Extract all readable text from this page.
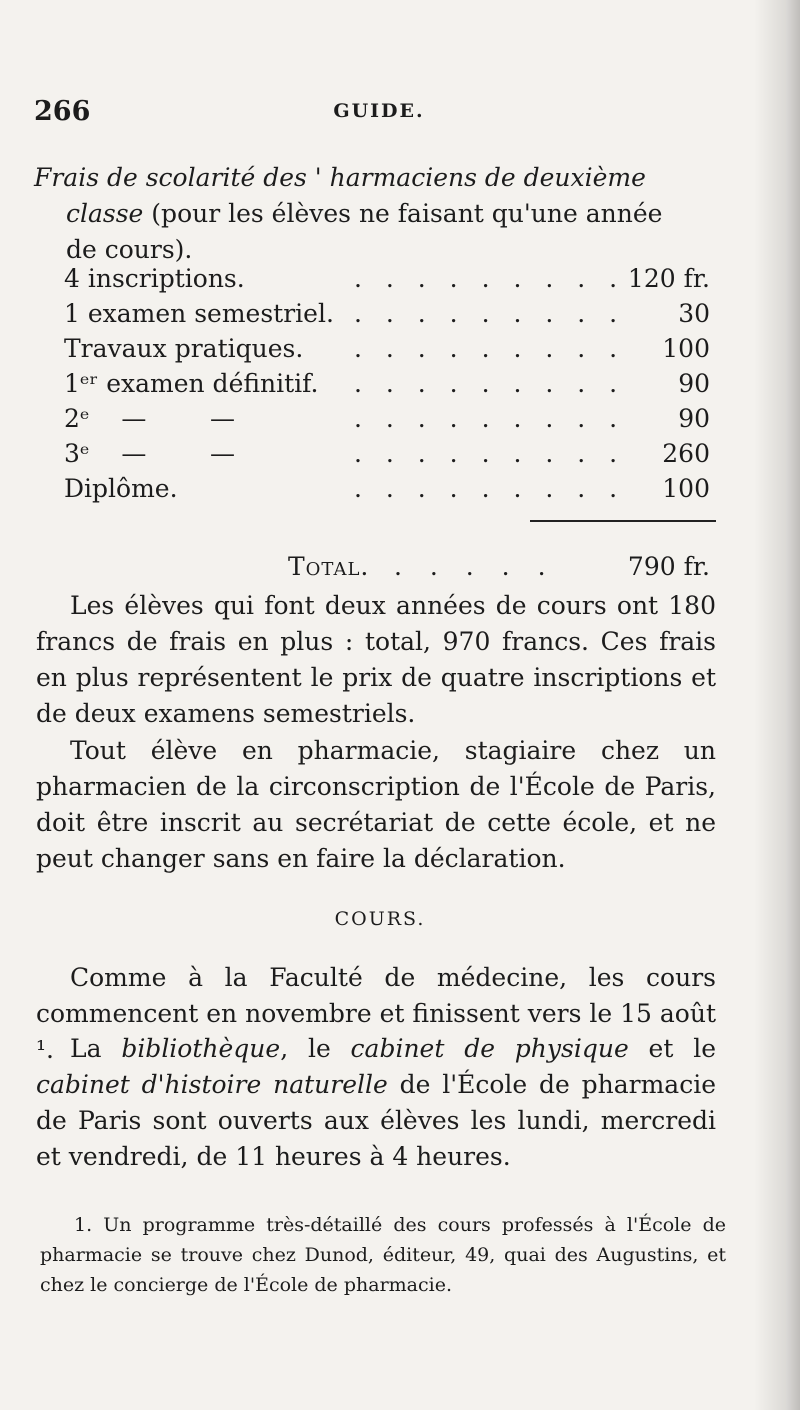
266	GUIDE.
Frais de scolarité des ' harmaciens de deuxième
classe (pour les élèves ne faisant qu'une année
de cours).
4 inscriptions.	. . . . . . . . . 120 fr.
1 examen semestriel. . . . . . . . . .	30
Travaux pratiques. . . . . . . . . .	100
1ᵉʳ examen définitif. . . . . . . . . .	90
2ᵉ    —        —	. . . . . . . . .	90
3ᵉ    —        —	. . . . . . . . .	260
Diplôme.	. . . . . . . . .	100
Total. . . . . .	790 fr.
Les élèves qui font deux années de cours ont 180 francs de frais en plus : total, 970 francs. Ces frais en plus représentent le prix de quatre inscriptions et de deux examens semestriels.
Tout élève en pharmacie, stagiaire chez un pharmacien de la circonscription de l'École de Paris, doit être inscrit au secrétariat de cette école, et ne peut changer sans en faire la déclaration.
COURS.
Comme à la Faculté de médecine, les cours commencent en novembre et finissent vers le 15 août ¹. La bibliothèque, le cabinet de physique et le cabinet d'histoire naturelle de l'École de pharmacie de Paris sont ouverts aux élèves les lundi, mercredi et vendredi, de 11 heures à 4 heures.
1. Un programme très-détaillé des cours professés à l'École de pharmacie se trouve chez Dunod, éditeur, 49, quai des Augustins, et chez le concierge de l'École de pharmacie.
